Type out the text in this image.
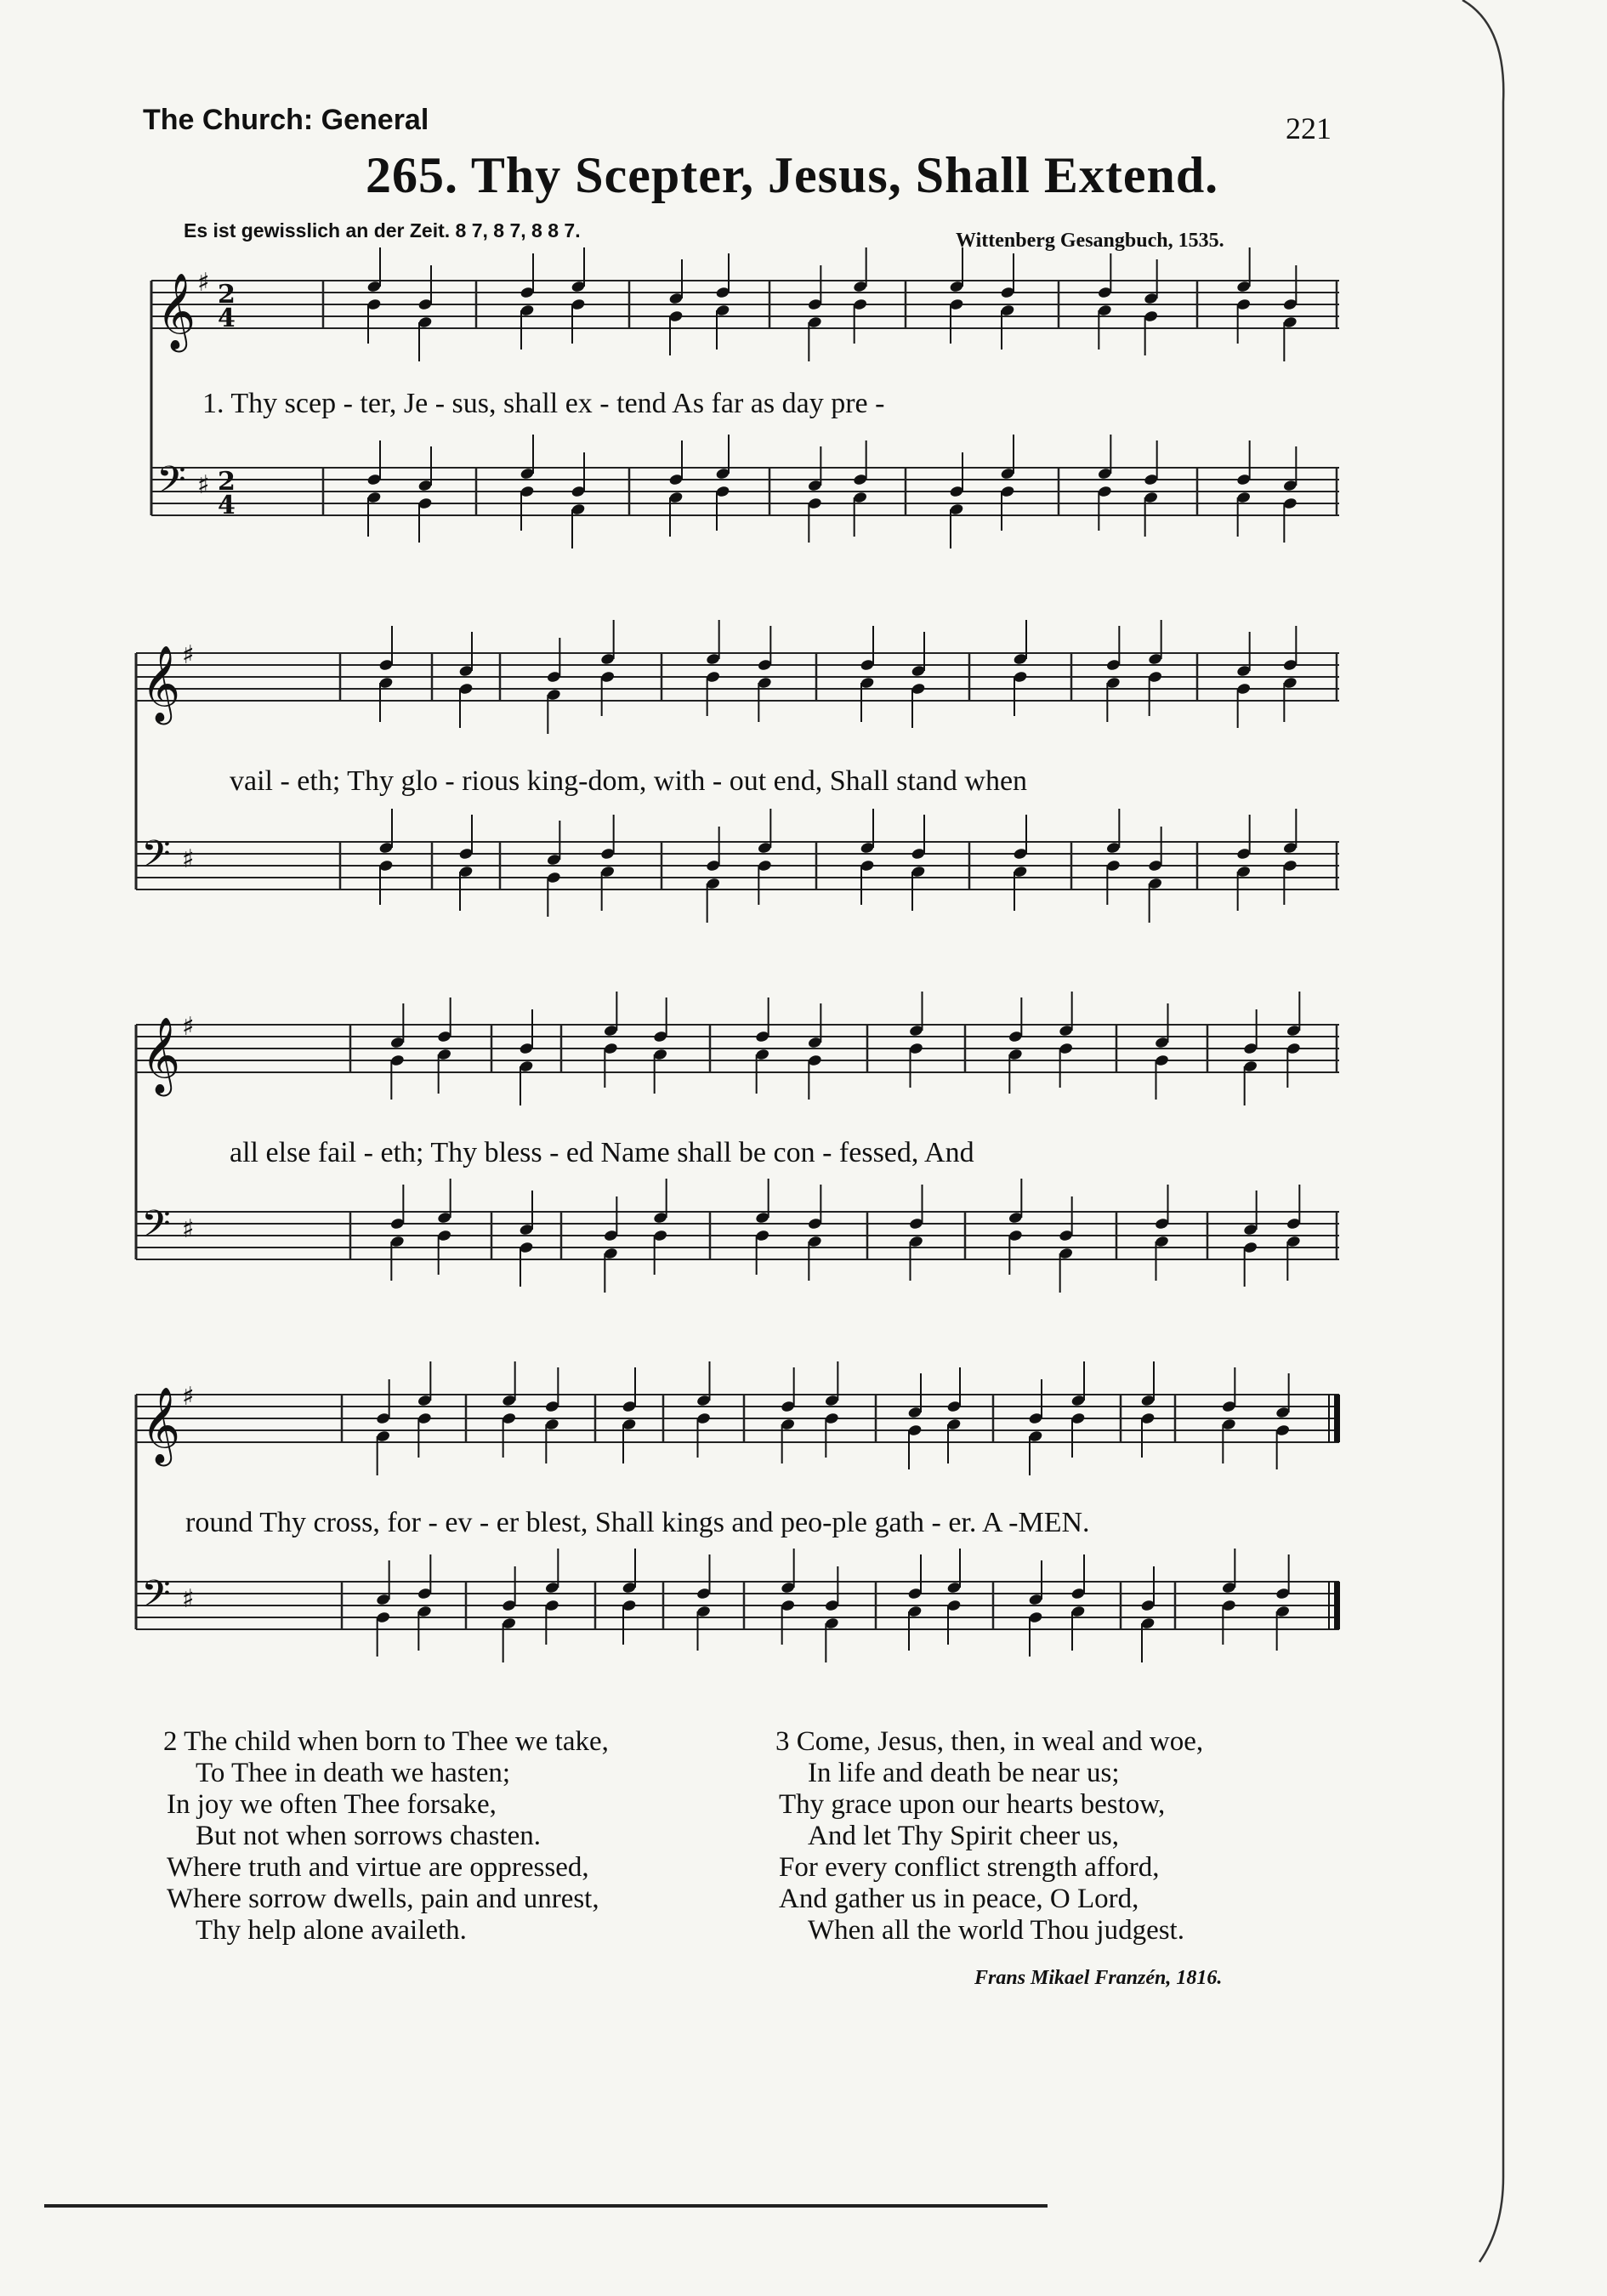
The Church: General	221
265. Thy Scepter, Jesus, Shall Extend.
Es ist gewisslich an der Zeit. 8 7, 8 7, 8 8 7.	Wittenberg Gesangbuch, 1535.
𝄞 ♯ 2
4
𝄢 ♯ 2
4
𝄞 ♯
𝄢 ♯
𝄞 ♯
𝄢 ♯
𝄞 ♯
𝄢 ♯
1. Thy scep - ter, Je - sus, shall ex - tend As far as day pre -
vail - eth; Thy glo - rious king-dom, with - out end, Shall stand when
all else fail - eth; Thy bless - ed Name shall be con - fessed, And
round Thy cross, for - ev - er blest, Shall kings and peo-ple gath - er. A -MEN.
2 The child when born to Thee we take,
To Thee in death we hasten;
In joy we often Thee forsake,
But not when sorrows chasten.
Where truth and virtue are oppressed,
Where sorrow dwells, pain and unrest,
Thy help alone availeth.
3 Come, Jesus, then, in weal and woe,
In life and death be near us;
Thy grace upon our hearts bestow,
And let Thy Spirit cheer us,
For every conflict strength afford,
And gather us in peace, O Lord,
When all the world Thou judgest.
Frans Mikael Franzén, 1816.
